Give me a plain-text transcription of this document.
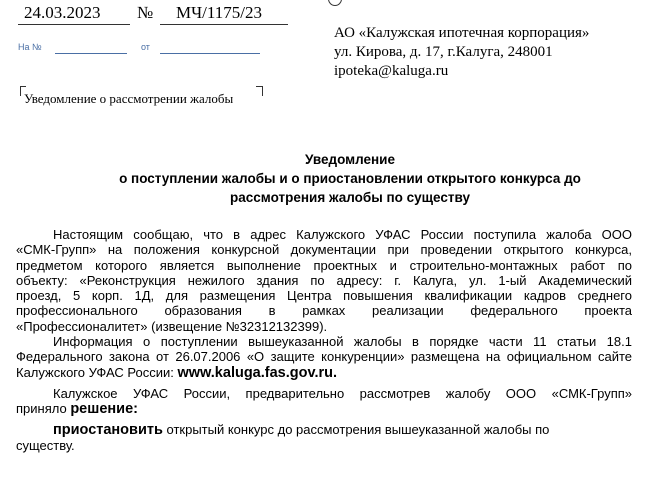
24.03.2023 № МЧ/1175/23
На №	от
Уведомление о рассмотрении жалобы
АО «Калужская ипотечная корпорация»
ул. Кирова, д. 17, г.Калуга, 248001
ipoteka@kaluga.ru
Уведомление
о поступлении жалобы и о приостановлении открытого конкурса до
рассмотрения жалобы по существу
Настоящим сообщаю, что в адрес Калужского УФАС России поступила жалоба ООО
«СМК-Групп» на положения конкурсной документации при проведении открытого конкурса,
предметом которого является выполнение проектных и строительно-монтажных работ по
объекту: «Реконструкция нежилого здания по адресу: г. Калуга, ул. 1-ый Академический
проезд, 5 корп. 1Д, для размещения Центра повышения квалификации кадров среднего
профессионального образования в рамках реализации федерального проекта
«Профессионалитет» (извещение №32312132399).
Информация о поступлении вышеуказанной жалобы в порядке части 11 статьи 18.1
Федерального закона от 26.07.2006 «О защите конкуренции» размещена на официальном сайте
Калужского УФАС России: www.kaluga.fas.gov.ru.
Калужское УФАС России, предварительно рассмотрев жалобу ООО «СМК-Групп»
приняло решение:
приостановить открытый конкурс до рассмотрения вышеуказанной жалобы по
существу.
